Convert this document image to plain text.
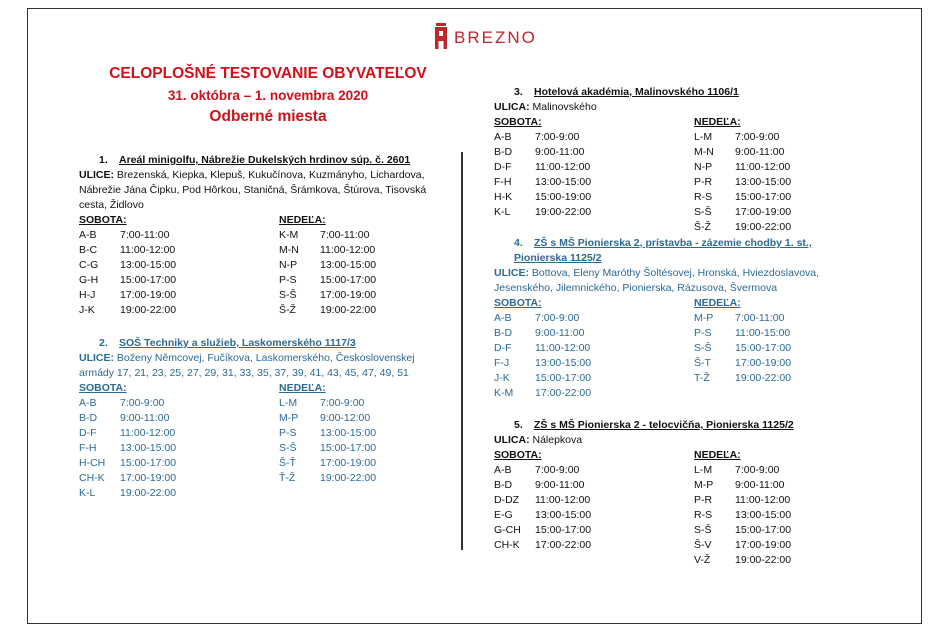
BREZNO
CELOPLOŠNÉ TESTOVANIE OBYVATEĽOV
31. októbra – 1. novembra 2020
Odberné miesta
1. Areál minigolfu, Nábrežie Dukelských hrdinov súp. č. 2601
ULICE: Brezenská, Kiepka, Klepuš, Kukučínova, Kuzmányho, Lichardova, Nábrežie Jána Čipku, Pod Hôrkou, Staničná, Šrámkova, Štúrova, Tisovská cesta, Židlovo
SOBOTA:
A-B 7:00-11:00
B-C 11:00-12:00
C-G 13:00-15:00
G-H 15:00-17:00
H-J 17:00-19:00
J-K 19:00-22:00
NEDEĽA:
K-M 7:00-11:00
M-N 11:00-12:00
N-P 13:00-15:00
P-S 15:00-17:00
S-Š 17:00-19:00
Š-Ž 19:00-22:00
2. SOŠ Techniky a služieb, Laskomerského 1117/3
ULICE: Boženy Němcovej, Fučíkova, Laskomerského, Československej armády 17, 21, 23, 25, 27, 29, 31, 33, 35, 37, 39, 41, 43, 45, 47, 49, 51
SOBOTA:
A-B 7:00-9:00
B-D 9:00-11:00
D-F 11:00-12:00
F-H 13:00-15:00
H-CH 15:00-17:00
CH-K 17:00-19:00
K-L 19:00-22:00
NEDEĽA:
L-M 7:00-9:00
M-P 9:00-12:00
P-S 13:00-15:00
S-Š 15:00-17:00
Š-Ť 17:00-19:00
Ť-Ž 19:00-22:00
3. Hotelová akadémia, Malinovského 1106/1
ULICA: Malinovského
SOBOTA:
A-B 7:00-9:00
B-D 9:00-11:00
D-F 11:00-12:00
F-H 13:00-15:00
H-K 15:00-19:00
K-L 19:00-22:00
NEDEĽA:
L-M 7:00-9:00
M-N 9:00-11:00
N-P 11:00-12:00
P-R 13:00-15:00
R-S 15:00-17:00
S-Š 17:00-19:00
Š-Ž 19:00-22:00
4. ZŠ s MŠ Pionierska 2, prístavba - zázemie chodby 1. st.,
Pionierska 1125/2
ULICE: Bottova, Eleny Maróthy Šoltésovej, Hronská, Hviezdoslavova, Jesenského, Jilemnického, Pionierska, Rázusova, Švermova
SOBOTA:
A-B 7:00-9:00
B-D 9:00-11:00
D-F 11:00-12:00
F-J 13:00-15:00
J-K 15:00-17:00
K-M 17:00-22:00
NEDEĽA:
M-P 7:00-11:00
P-S 11:00-15:00
S-Š 15:00-17:00
Š-T 17:00-19:00
T-Ž 19:00-22:00
5. ZŠ s MŠ Pionierska 2 - telocvičňa, Pionierska 1125/2
ULICA: Nálepkova
SOBOTA:
A-B 7:00-9:00
B-D 9:00-11:00
D-DZ 11:00-12:00
E-G 13:00-15:00
G-CH 15:00-17:00
CH-K 17:00-22:00
NEDEĽA:
L-M 7:00-9:00
M-P 9:00-11:00
P-R 11:00-12:00
R-S 13:00-15:00
S-Š 15:00-17:00
Š-V 17:00-19:00
V-Ž 19:00-22:00
